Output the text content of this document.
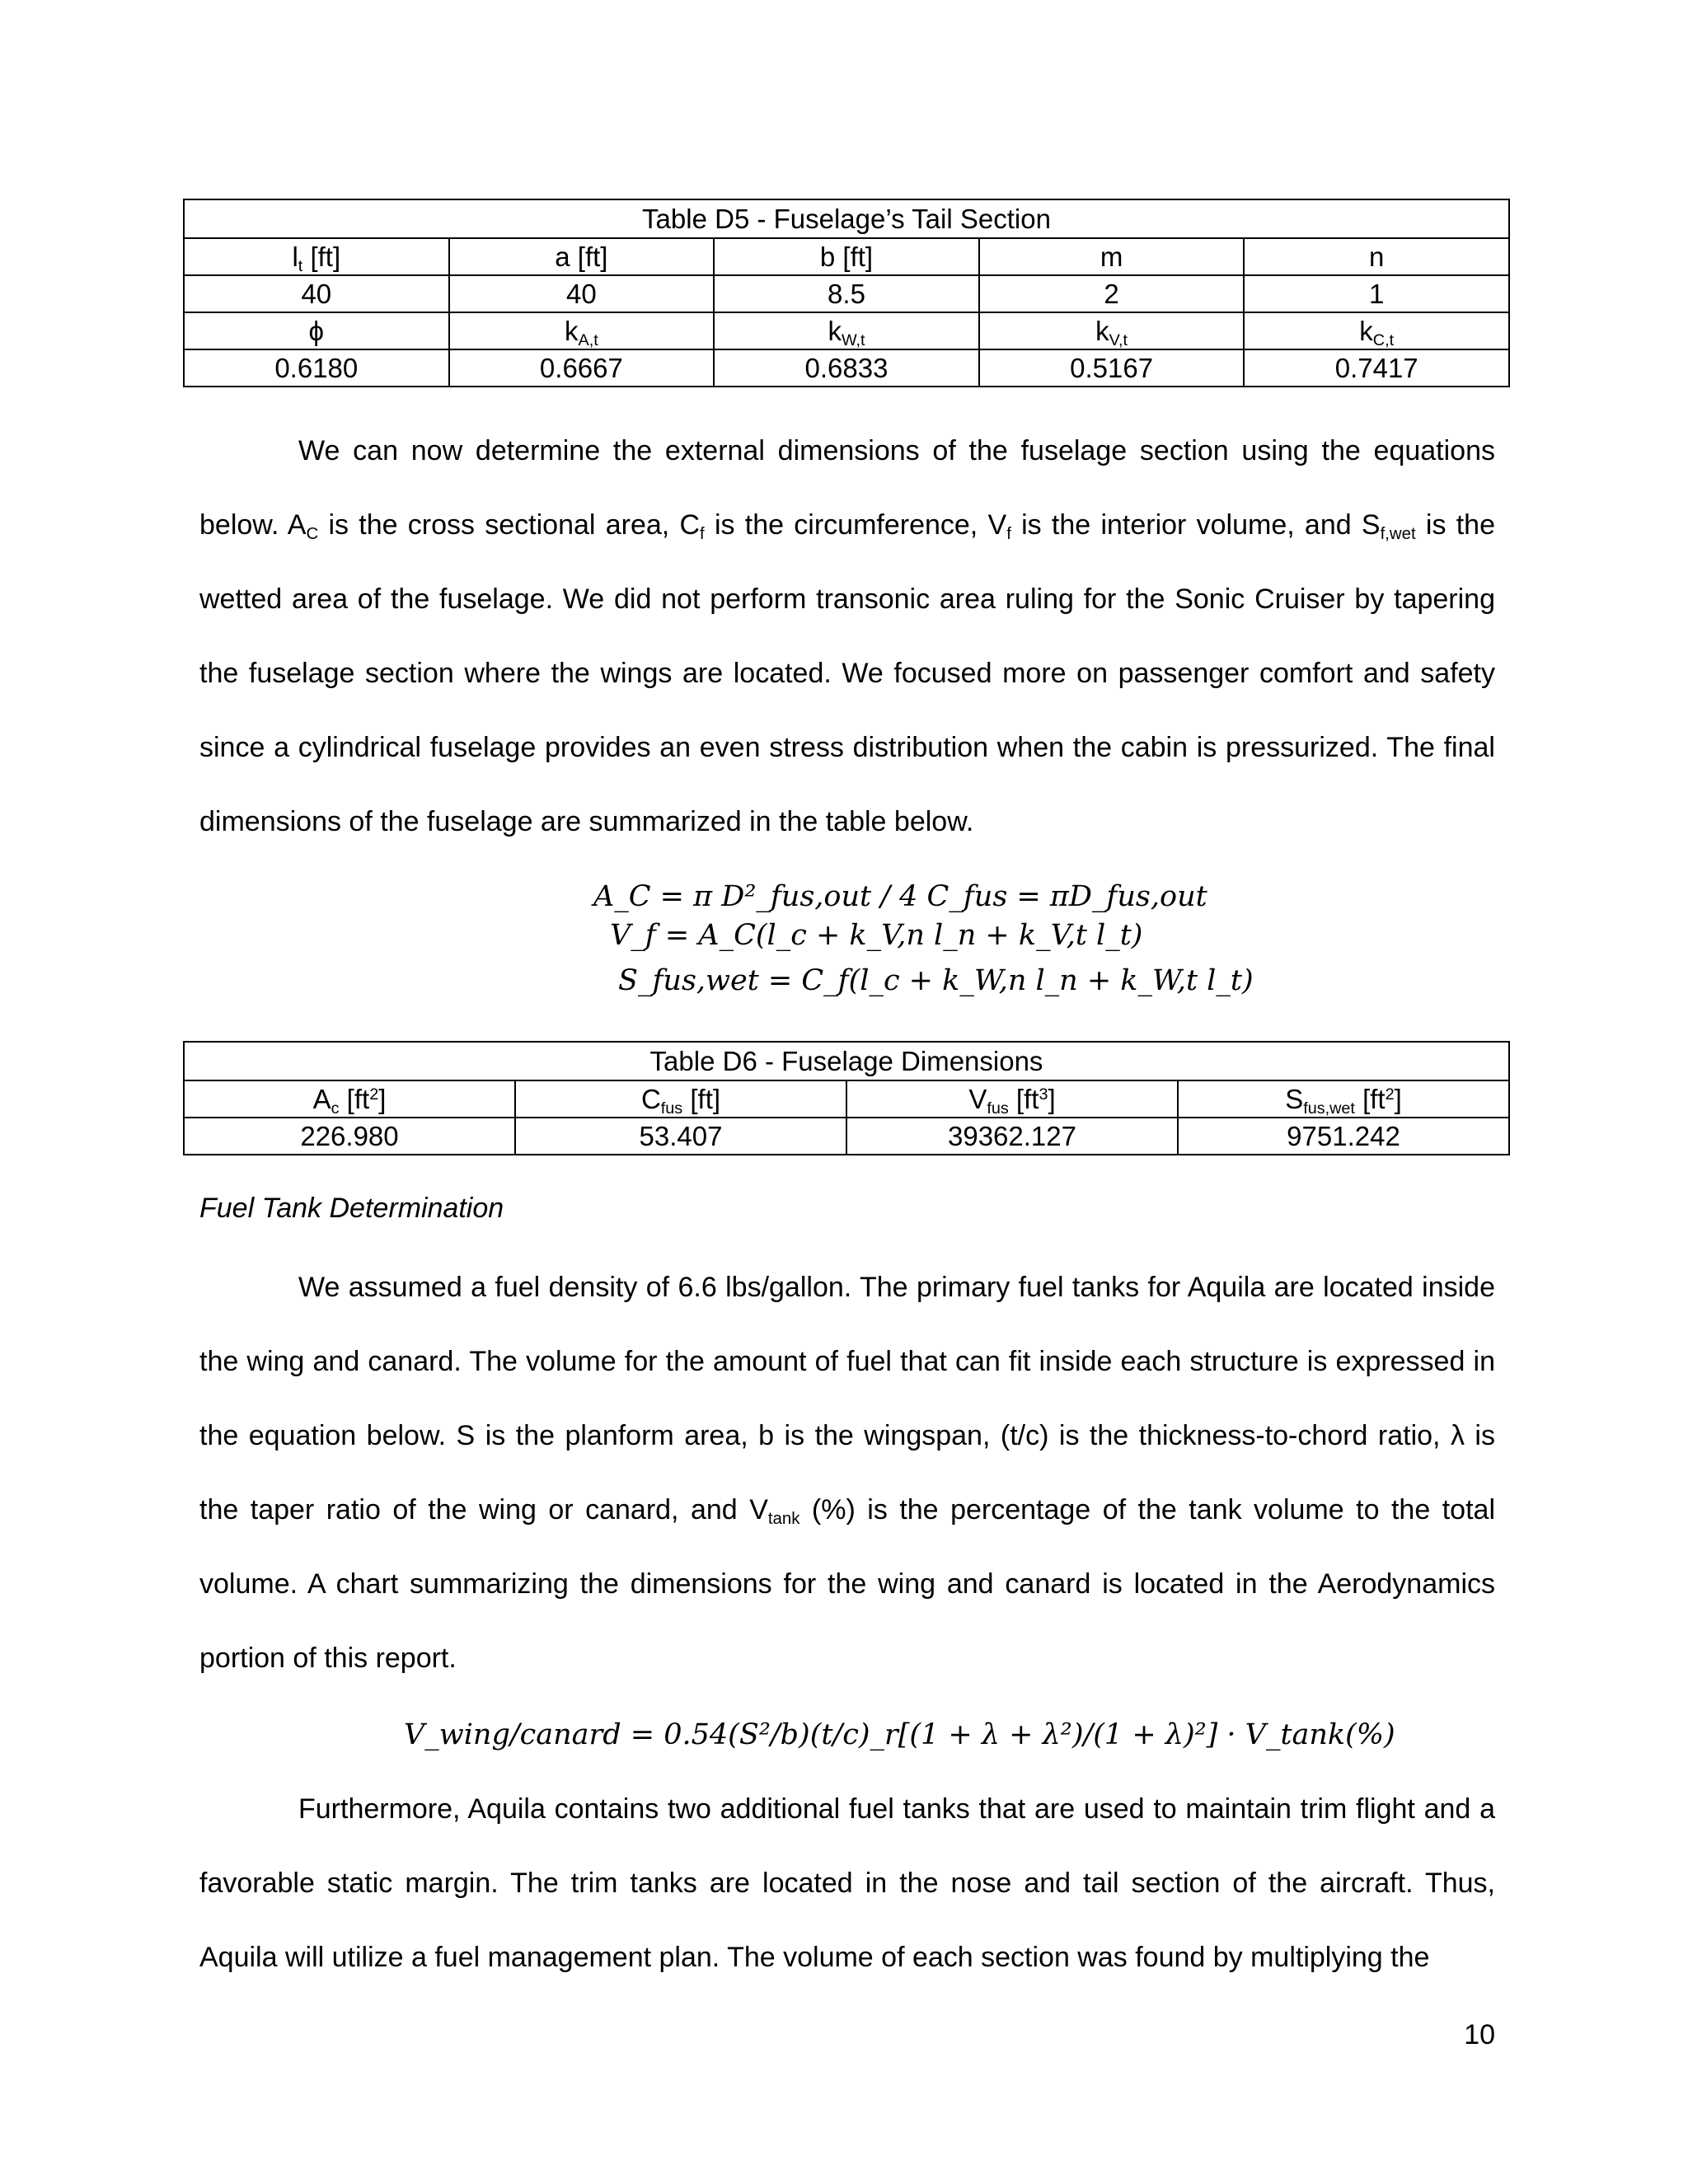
Table D5 - Fuselage’s Tail Section				
$l_t$ [ft]	a [ft]	b [ft]	m	n
40	40	8.5	2	1
ϕ	$k_{A,t}$	$k_{W,t}$	$k_{V,t}$	$k_{C,t}$
0.6180	0.6667	0.6833	0.5167	0.7417

We can now determine the external dimensions of the fuselage section using the equations below. $A_C$ is the cross sectional area, $C_f$ is the circumference, $V_f$ is the interior volume, and $S_{f,wet}$ is the wetted area of the fuselage. We did not perform transonic area ruling for the Sonic Cruiser by tapering the fuselage section where the wings are located. We focused more on passenger comfort and safety since a cylindrical fuselage provides an even stress distribution when the cabin is pressurized. The final dimensions of the fuselage are summarized in the table below.

A_C = π D²_fus,out / 4 C_fus = πD_fus,out
V_f = A_C(l_c + k_V,n l_n + k_V,t l_t)
S_fus,wet = C_f(l_c + k_W,n l_n + k_W,t l_t)
Table D6 - Fuselage Dimensions			
$A_c$ $[ft^2]$	$C_{fus}$ [ft]	$V_{fus}$ $[ft^3]$	$S_{fus,wet}$ $[ft^2]$
226.980	53.407	39362.127	9751.242
Fuel Tank Determination

We assumed a fuel density of 6.6 lbs/gallon. The primary fuel tanks for Aquila are located inside the wing and canard. The volume for the amount of fuel that can fit inside each structure is expressed in the equation below. S is the planform area, b is the wingspan, (t/c) is the thickness-to-chord ratio, λ is the taper ratio of the wing or canard, and $V_{tank}$ (%) is the percentage of the tank volume to the total volume. A chart summarizing the dimensions for the wing and canard is located in the Aerodynamics portion of this report.

V_wing/canard = 0.54(S²/b)(t/c)_r[(1 + λ + λ²)/(1 + λ)²] · V_tank(%)

Furthermore, Aquila contains two additional fuel tanks that are used to maintain trim flight and a favorable static margin. The trim tanks are located in the nose and tail section of the aircraft. Thus, Aquila will utilize a fuel management plan. The volume of each section was found by multiplying the

10
